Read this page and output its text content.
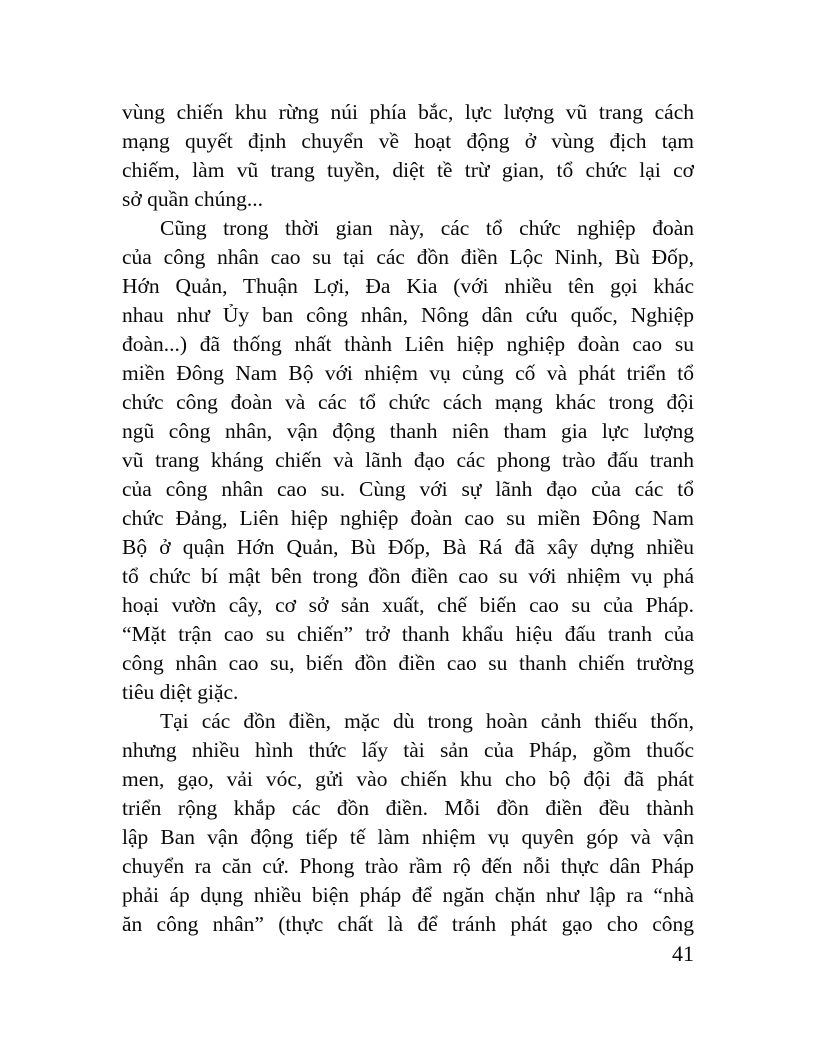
vùng chiến khu rừng núi phía bắc, lực lượng vũ trang cách
mạng quyết định chuyển về hoạt động ở vùng địch tạm
chiếm, làm vũ trang tuyền, diệt tề trừ gian, tổ chức lại cơ
sở quần chúng...
Cũng trong thời gian này, các tổ chức nghiệp đoàn
của công nhân cao su tại các đồn điền Lộc Ninh, Bù Đốp,
Hớn Quản, Thuận Lợi, Đa Kia (với nhiều tên gọi khác
nhau như Ủy ban công nhân, Nông dân cứu quốc, Nghiệp
đoàn...) đã thống nhất thành Liên hiệp nghiệp đoàn cao su
miền Đông Nam Bộ với nhiệm vụ củng cố và phát triển tổ
chức công đoàn và các tổ chức cách mạng khác trong đội
ngũ công nhân, vận động thanh niên tham gia lực lượng
vũ trang kháng chiến và lãnh đạo các phong trào đấu tranh
của công nhân cao su. Cùng với sự lãnh đạo của các tổ
chức Đảng, Liên hiệp nghiệp đoàn cao su miền Đông Nam
Bộ ở quận Hớn Quản, Bù Đốp, Bà Rá đã xây dựng nhiều
tổ chức bí mật bên trong đồn điền cao su với nhiệm vụ phá
hoại vườn cây, cơ sở sản xuất, chế biến cao su của Pháp.
“Mặt trận cao su chiến” trở thanh khẩu hiệu đấu tranh của
công nhân cao su, biến đồn điền cao su thanh chiến trường
tiêu diệt giặc.
Tại các đồn điền, mặc dù trong hoàn cảnh thiếu thốn,
nhưng nhiều hình thức lấy tài sản của Pháp, gồm thuốc
men, gạo, vải vóc, gửi vào chiến khu cho bộ đội đã phát
triển rộng khắp các đồn điền. Mỗi đồn điền đều thành
lập Ban vận động tiếp tế làm nhiệm vụ quyên góp và vận
chuyển ra căn cứ. Phong trào rầm rộ đến nỗi thực dân Pháp
phải áp dụng nhiều biện pháp để ngăn chặn như lập ra “nhà
ăn công nhân” (thực chất là để tránh phát gạo cho công
41
